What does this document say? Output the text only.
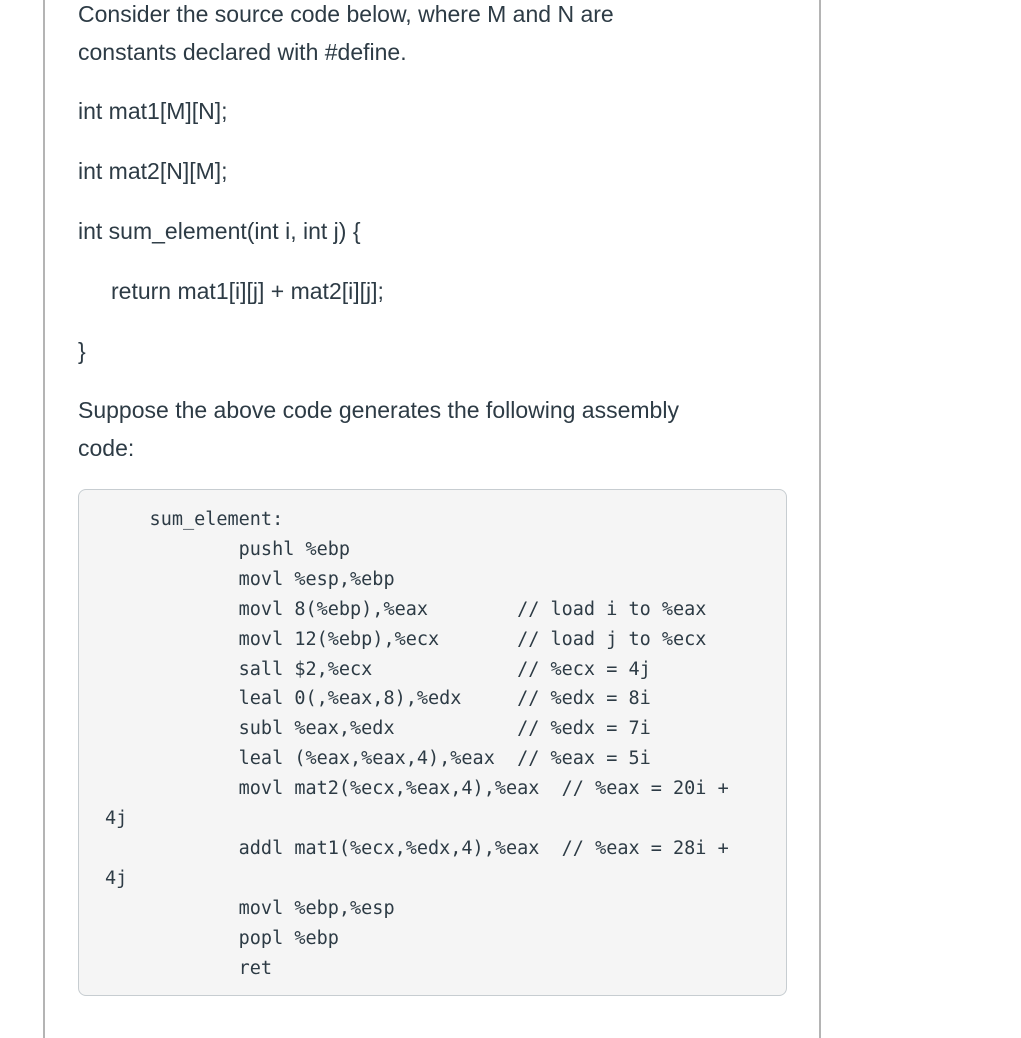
Consider the source code below, where M and N are

constants declared with #define.

int mat1[M][N];
int mat2[N][M];
int sum_element(int i, int j) {
return mat1[i][j] + mat2[i][j];
}

Suppose the above code generates the following assembly

code:

sum_element:
pushl %ebp
movl %esp,%ebp
movl 8(%ebp),%eax        // load i to %eax
movl 12(%ebp),%ecx       // load j to %ecx
sall $2,%ecx             // %ecx = 4j
leal 0(,%eax,8),%edx     // %edx = 8i
subl %eax,%edx           // %edx = 7i
leal (%eax,%eax,4),%eax  // %eax = 5i
movl mat2(%ecx,%eax,4),%eax  // %eax = 20i +
4j
addl mat1(%ecx,%edx,4),%eax  // %eax = 28i +
4j
movl %ebp,%esp
popl %ebp
ret
